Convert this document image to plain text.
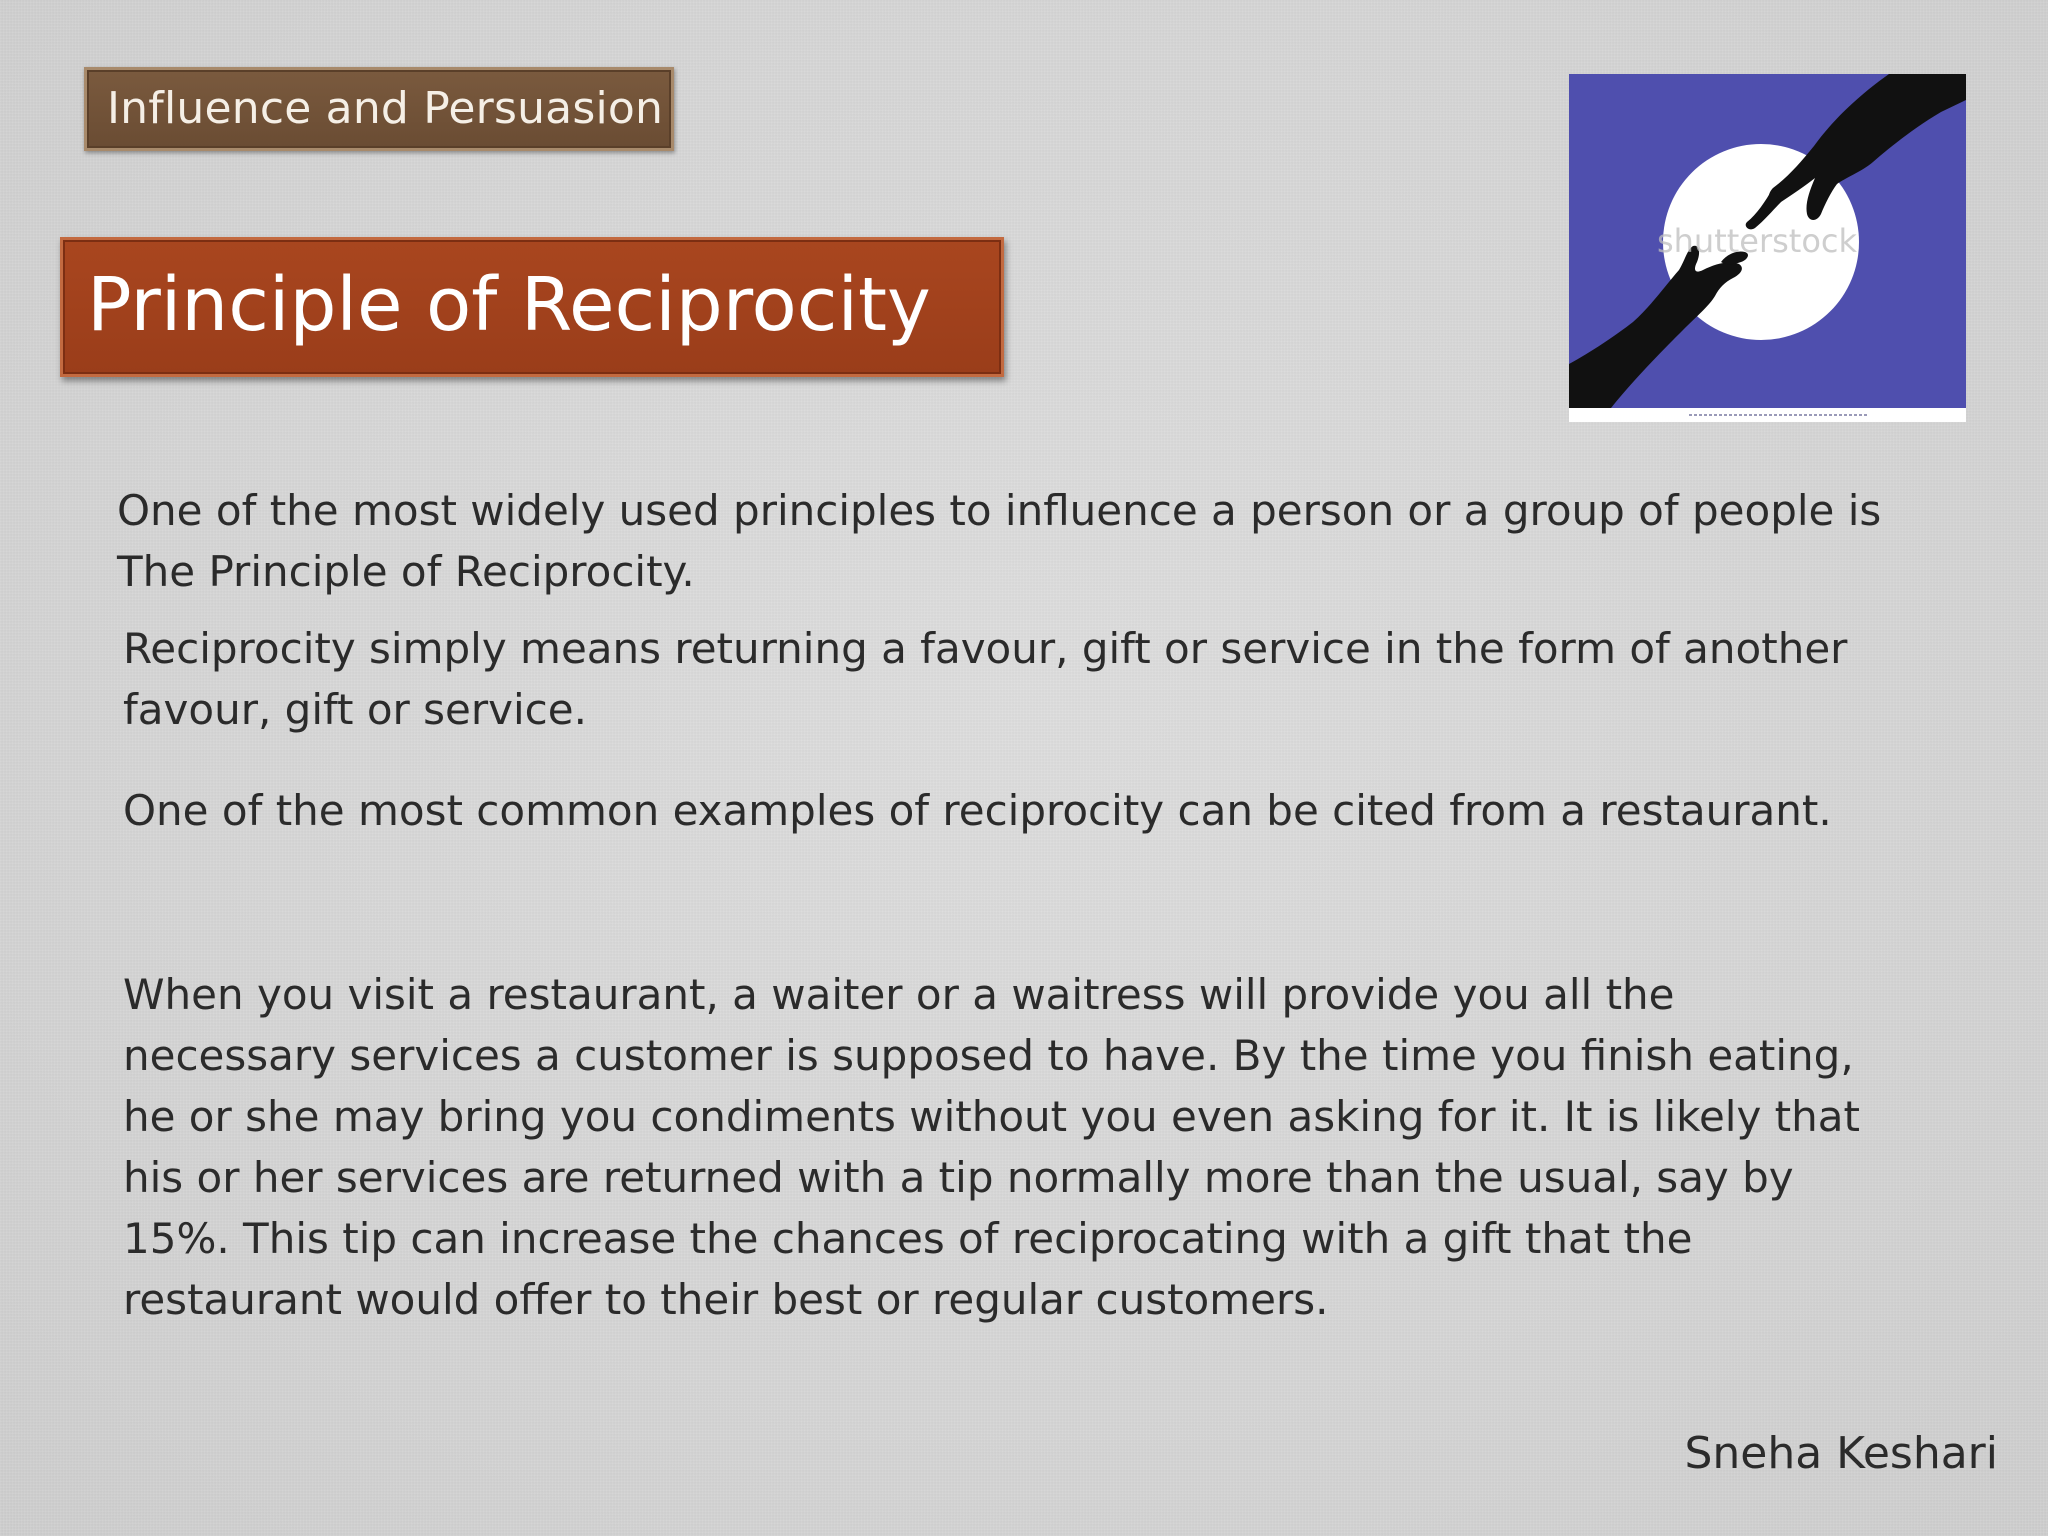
Influence and Persuasion
Principle of Reciprocity
shutterstock

One of the most widely used principles to influence a person or a group of people is
The Principle of Reciprocity.

Reciprocity simply means returning a favour, gift or service in the form of another
favour, gift or service.

One of the most common examples of reciprocity can be cited from a restaurant.

When you visit a restaurant, a waiter or a waitress will provide you all the
necessary services a customer is supposed to have. By the time you finish eating,
he or she may bring you condiments without you even asking for it. It is likely that
his or her services are returned with a tip normally more than the usual, say by
15%. This tip can increase the chances of reciprocating with a gift that the
restaurant would offer to their best or regular customers.

Sneha Keshari
